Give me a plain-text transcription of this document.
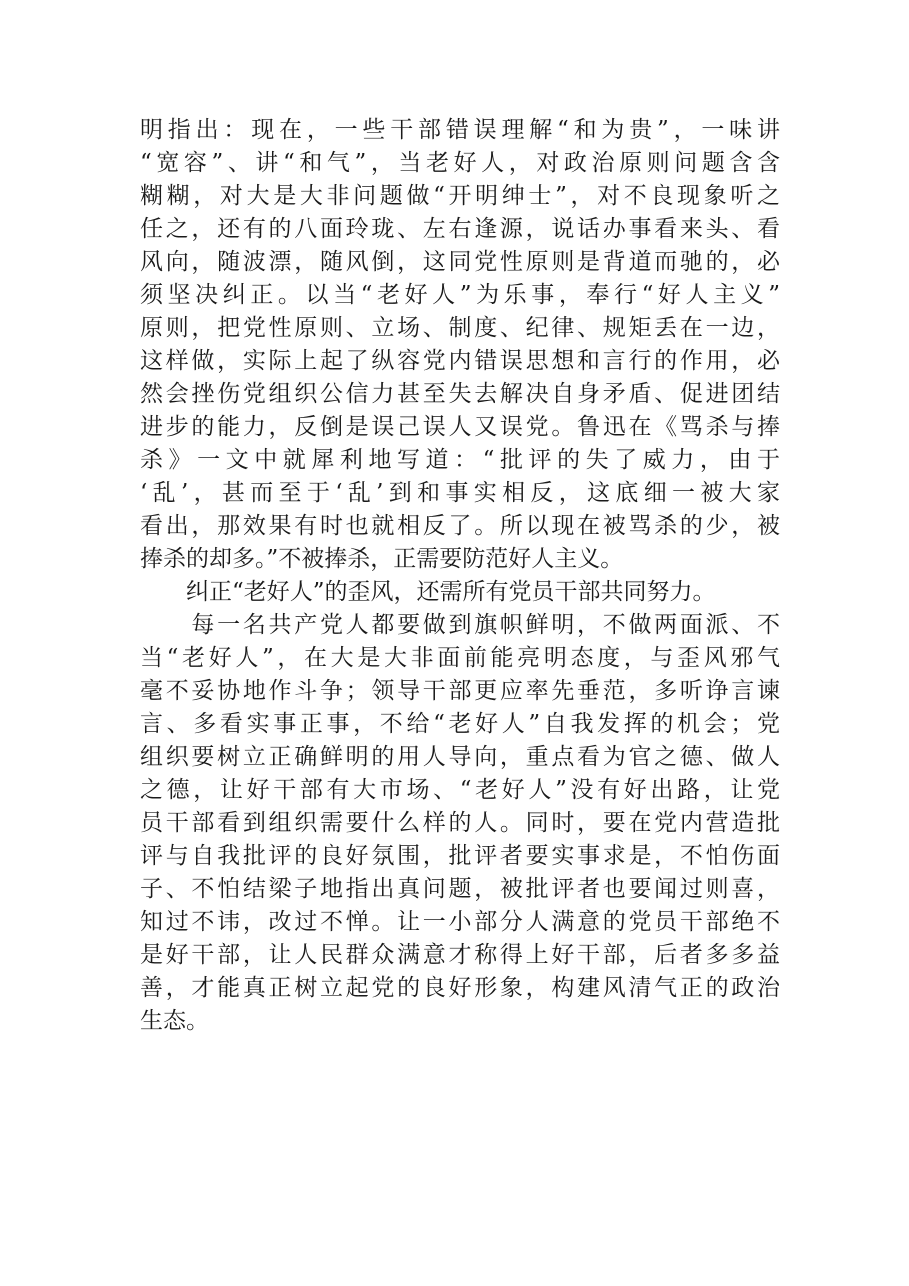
明指出：现在，一些干部错误理解“和为贵”，一味讲
“宽容”、讲“和气”，当老好人，对政治原则问题含含
糊糊，对大是大非问题做“开明绅士”，对不良现象听之
任之，还有的八面玲珑、左右逢源，说话办事看来头、看
风向，随波漂，随风倒，这同党性原则是背道而驰的，必
须坚决纠正。以当“老好人”为乐事，奉行“好人主义”
原则，把党性原则、立场、制度、纪律、规矩丢在一边，
这样做，实际上起了纵容党内错误思想和言行的作用，必
然会挫伤党组织公信力甚至失去解决自身矛盾、促进团结
进步的能力，反倒是误己误人又误党。鲁迅在《骂杀与捧
杀》一文中就犀利地写道：“批评的失了威力，由于
‘乱’，甚而至于‘乱’到和事实相反，这底细一被大家
看出，那效果有时也就相反了。所以现在被骂杀的少，被
捧杀的却多。”不被捧杀，正需要防范好人主义。
　　纠正“老好人”的歪风，还需所有党员干部共同努力。
　　每一名共产党人都要做到旗帜鲜明，不做两面派、不
当“老好人”，在大是大非面前能亮明态度，与歪风邪气
毫不妥协地作斗争；领导干部更应率先垂范，多听诤言谏
言、多看实事正事，不给“老好人”自我发挥的机会；党
组织要树立正确鲜明的用人导向，重点看为官之德、做人
之德，让好干部有大市场、“老好人”没有好出路，让党
员干部看到组织需要什么样的人。同时，要在党内营造批
评与自我批评的良好氛围，批评者要实事求是，不怕伤面
子、不怕结梁子地指出真问题，被批评者也要闻过则喜，
知过不讳，改过不惮。让一小部分人满意的党员干部绝不
是好干部，让人民群众满意才称得上好干部，后者多多益
善，才能真正树立起党的良好形象，构建风清气正的政治
生态。
